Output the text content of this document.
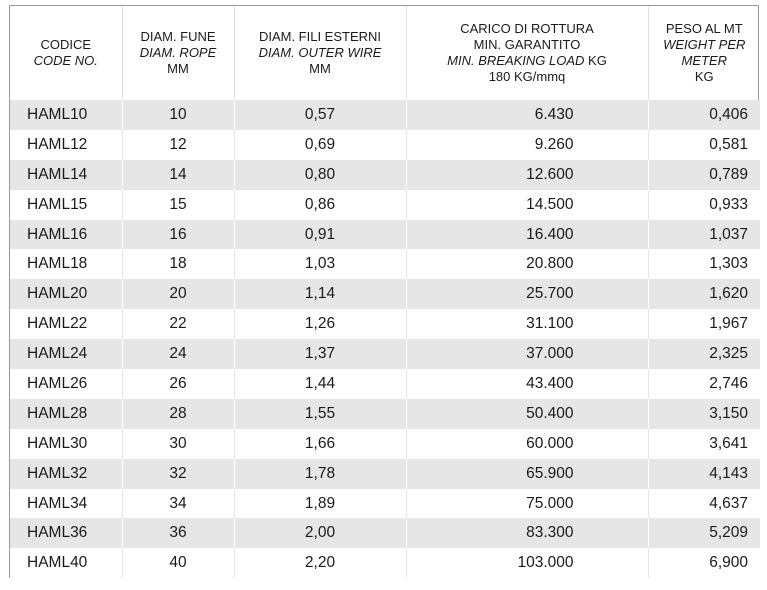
CODICE
CODE NO.	DIAM. FUNE
DIAM. ROPE
MM	DIAM. FILI ESTERNI
DIAM. OUTER WIRE
MM	CARICO DI ROTTURA
MIN. GARANTITO
MIN. BREAKING LOAD KG
180 KG/mmq	PESO AL MT
WEIGHT PER
METER
KG

HAML10	10	0,57	6.430	0,406
HAML12	12	0,69	9.260	0,581
HAML14	14	0,80	12.600	0,789
HAML15	15	0,86	14.500	0,933
HAML16	16	0,91	16.400	1,037
HAML18	18	1,03	20.800	1,303
HAML20	20	1,14	25.700	1,620
HAML22	22	1,26	31.100	1,967
HAML24	24	1,37	37.000	2,325
HAML26	26	1,44	43.400	2,746
HAML28	28	1,55	50.400	3,150
HAML30	30	1,66	60.000	3,641
HAML32	32	1,78	65.900	4,143
HAML34	34	1,89	75.000	4,637
HAML36	36	2,00	83.300	5,209
HAML40	40	2,20	103.000	6,900
